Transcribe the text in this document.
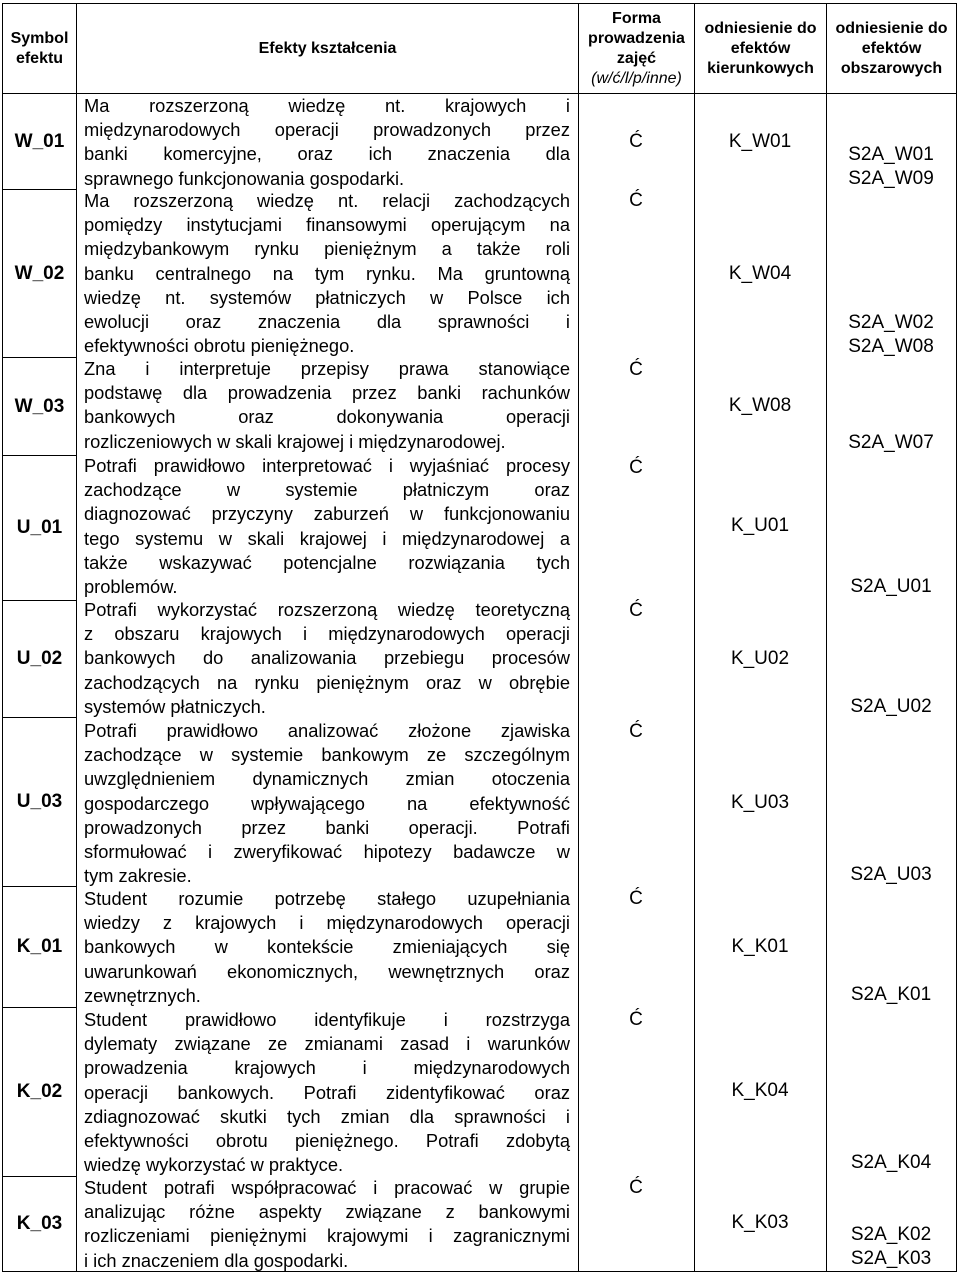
Symbol efektu
Efekty kształcenia
Forma prowadzenia zajęć
(w/ć/l/p/inne)
odniesienie do efektów kierunkowych
odniesienie do efektów obszarowych
W_01
W_02
W_03
U_01
U_02
U_03
K_01
K_02
K_03
Ma rozszerzoną wiedzę nt. krajowych i
międzynarodowych operacji prowadzonych przez
banki komercyjne, oraz ich znaczenia dla
sprawnego funkcjonowania gospodarki.
Ma rozszerzoną wiedzę nt. relacji zachodzących
pomiędzy instytucjami finansowymi operującym na
międzybankowym rynku pieniężnym a także roli
banku centralnego na tym rynku. Ma gruntowną
wiedzę nt. systemów płatniczych w Polsce ich
ewolucji oraz znaczenia dla sprawności i
efektywności obrotu pieniężnego.
Zna i interpretuje przepisy prawa stanowiące
podstawę dla prowadzenia przez banki rachunków
bankowych oraz dokonywania operacji
rozliczeniowych w skali krajowej i międzynarodowej.
Potrafi prawidłowo interpretować i wyjaśniać procesy
zachodzące w systemie płatniczym oraz
diagnozować przyczyny zaburzeń w funkcjonowaniu
tego systemu w skali krajowej i międzynarodowej a
także wskazywać potencjalne rozwiązania tych
problemów.
Potrafi wykorzystać rozszerzoną wiedzę teoretyczną
z obszaru krajowych i międzynarodowych operacji
bankowych do analizowania przebiegu procesów
zachodzących na rynku pieniężnym oraz w obrębie
systemów płatniczych.
Potrafi prawidłowo analizować złożone zjawiska
zachodzące w systemie bankowym ze szczególnym
uwzględnieniem dynamicznych zmian otoczenia
gospodarczego wpływającego na efektywność
prowadzonych przez banki operacji. Potrafi
sformułować i zweryfikować hipotezy badawcze w
tym zakresie.
Student rozumie potrzebę stałego uzupełniania
wiedzy z krajowych i międzynarodowych operacji
bankowych w kontekście zmieniających się
uwarunkowań ekonomicznych, wewnętrznych oraz
zewnętrznych.
Student prawidłowo identyfikuje i rozstrzyga
dylematy związane ze zmianami zasad i warunków
prowadzenia krajowych i międzynarodowych
operacji bankowych. Potrafi zidentyfikować oraz
zdiagnozować skutki tych zmian dla sprawności i
efektywności obrotu pieniężnego. Potrafi zdobytą
wiedzę wykorzystać w praktyce.
Student potrafi współpracować i pracować w grupie
analizując różne aspekty związane z bankowymi
rozliczeniami pieniężnymi krajowymi i zagranicznymi
i ich znaczeniem dla gospodarki.
Ć
Ć
Ć
Ć
Ć
Ć
Ć
Ć
Ć
K_W01
K_W04
K_W08
K_U01
K_U02
K_U03
K_K01
K_K04
K_K03
S2A_W01
S2A_W09
S2A_W02
S2A_W08
S2A_W07
S2A_U01
S2A_U02
S2A_U03
S2A_K01
S2A_K04
S2A_K02
S2A_K03
